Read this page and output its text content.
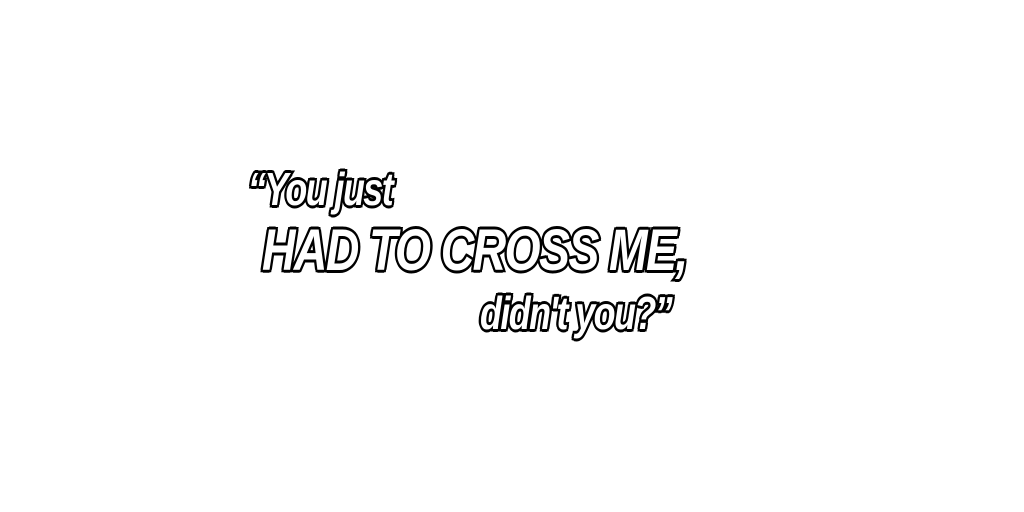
“You just
HAD TO CROSS ME,
didn't you?”
